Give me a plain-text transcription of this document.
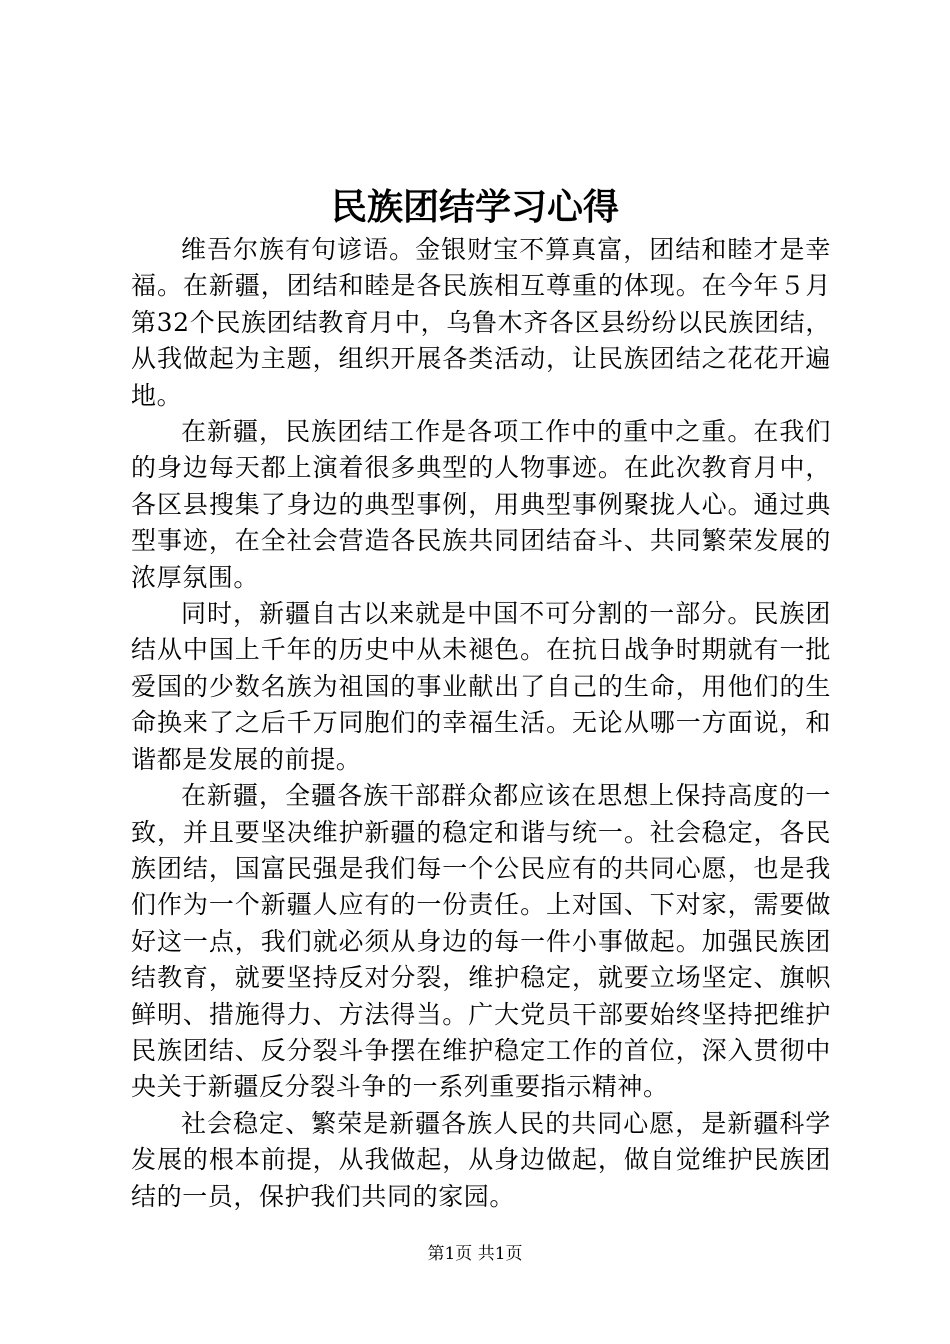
民族团结学习心得

维吾尔族有句谚语。金银财宝不算真富，团结和睦才是幸福。在新疆，团结和睦是各民族相互尊重的体现。在今年５月第32个民族团结教育月中，乌鲁木齐各区县纷纷以民族团结，从我做起为主题，组织开展各类活动，让民族团结之花花开遍地。

在新疆，民族团结工作是各项工作中的重中之重。在我们的身边每天都上演着很多典型的人物事迹。在此次教育月中，各区县搜集了身边的典型事例，用典型事例聚拢人心。通过典型事迹，在全社会营造各民族共同团结奋斗、共同繁荣发展的浓厚氛围。

同时，新疆自古以来就是中国不可分割的一部分。民族团结从中国上千年的历史中从未褪色。在抗日战争时期就有一批爱国的少数名族为祖国的事业献出了自己的生命，用他们的生命换来了之后千万同胞们的幸福生活。无论从哪一方面说，和谐都是发展的前提。

在新疆，全疆各族干部群众都应该在思想上保持高度的一致，并且要坚决维护新疆的稳定和谐与统一。社会稳定，各民族团结，国富民强是我们每一个公民应有的共同心愿，也是我们作为一个新疆人应有的一份责任。上对国、下对家，需要做好这一点，我们就必须从身边的每一件小事做起。加强民族团结教育，就要坚持反对分裂，维护稳定，就要立场坚定、旗帜鲜明、措施得力、方法得当。广大党员干部要始终坚持把维护民族团结、反分裂斗争摆在维护稳定工作的首位，深入贯彻中央关于新疆反分裂斗争的一系列重要指示精神。

社会稳定、繁荣是新疆各族人民的共同心愿，是新疆科学发展的根本前提，从我做起，从身边做起，做自觉维护民族团结的一员，保护我们共同的家园。

第1页 共1页
